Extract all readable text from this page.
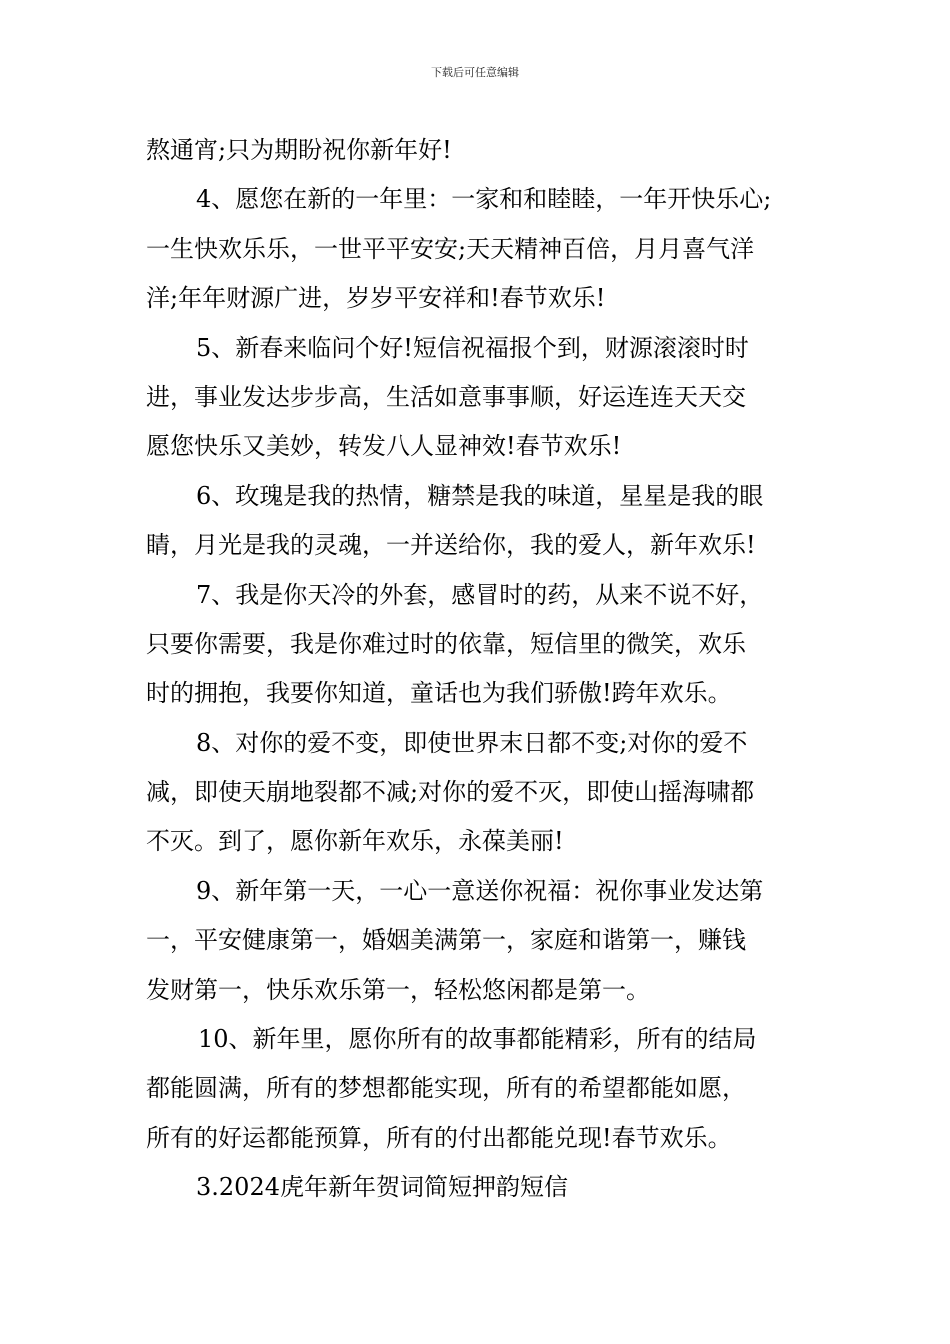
下载后可任意编辑
熬通宵;只为期盼祝你新年好!
4、愿您在新的一年里：一家和和睦睦，一年开快乐心;
一生快欢乐乐，一世平平安安;天天精神百倍，月月喜气洋
洋;年年财源广进，岁岁平安祥和!春节欢乐!
5、新春来临问个好!短信祝福报个到，财源滚滚时时
进，事业发达步步高，生活如意事事顺，好运连连天天交
愿您快乐又美妙，转发八人显神效!春节欢乐!
6、玫瑰是我的热情，糖禁是我的味道，星星是我的眼
睛，月光是我的灵魂，一并送给你，我的爱人，新年欢乐!
7、我是你天冷的外套，感冒时的药，从来不说不好，
只要你需要，我是你难过时的依靠，短信里的微笑，欢乐
时的拥抱，我要你知道，童话也为我们骄傲!跨年欢乐。
8、对你的爱不变，即使世界末日都不变;对你的爱不
减，即使天崩地裂都不减;对你的爱不灭，即使山摇海啸都
不灭。到了，愿你新年欢乐，永葆美丽!
9、新年第一天，一心一意送你祝福：祝你事业发达第
一，平安健康第一，婚姻美满第一，家庭和谐第一，赚钱
发财第一，快乐欢乐第一，轻松悠闲都是第一。
10、新年里，愿你所有的故事都能精彩，所有的结局
都能圆满，所有的梦想都能实现，所有的希望都能如愿，
所有的好运都能预算，所有的付出都能兑现!春节欢乐。
3.2024虎年新年贺词简短押韵短信
